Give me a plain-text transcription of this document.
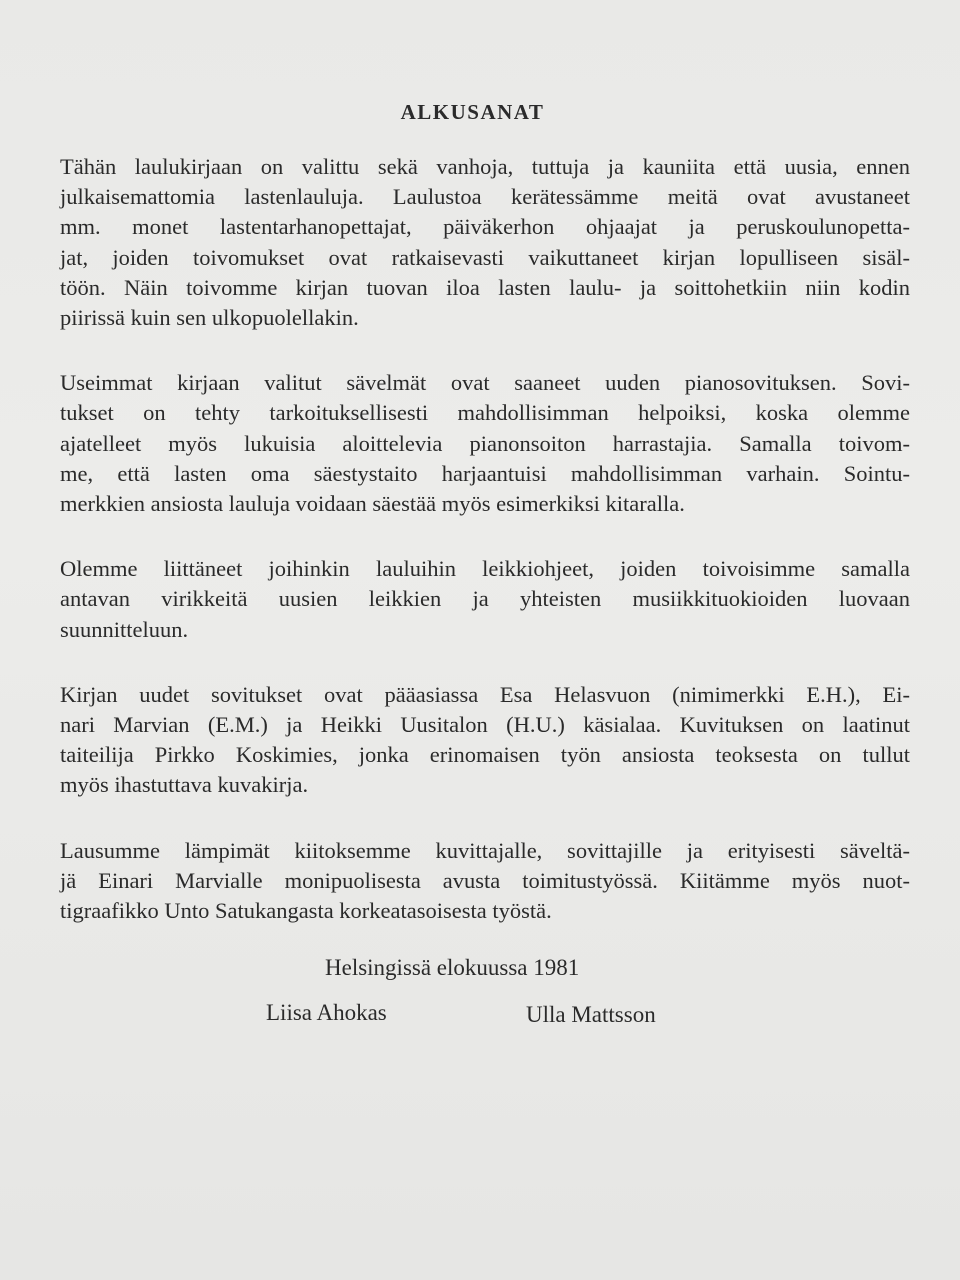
ALKUSANAT
Tähän laulukirjaan on valittu sekä vanhoja, tuttuja ja kauniita että uusia, ennen
julkaisemattomia lastenlauluja. Laulustoa kerätessämme meitä ovat avustaneet
mm. monet lastentarhanopettajat, päiväkerhon ohjaajat ja peruskoulunopetta-
jat, joiden toivomukset ovat ratkaisevasti vaikuttaneet kirjan lopulliseen sisäl-
töön. Näin toivomme kirjan tuovan iloa lasten laulu- ja soittohetkiin niin kodin
piirissä kuin sen ulkopuolellakin.
Useimmat kirjaan valitut sävelmät ovat saaneet uuden pianosovituksen. Sovi-
tukset on tehty tarkoituksellisesti mahdollisimman helpoiksi, koska olemme
ajatelleet myös lukuisia aloittelevia pianonsoiton harrastajia. Samalla toivom-
me, että lasten oma säestystaito harjaantuisi mahdollisimman varhain. Sointu-
merkkien ansiosta lauluja voidaan säestää myös esimerkiksi kitaralla.
Olemme liittäneet joihinkin lauluihin leikkiohjeet, joiden toivoisimme samalla
antavan virikkeitä uusien leikkien ja yhteisten musiikkituokioiden luovaan
suunnitteluun.
Kirjan uudet sovitukset ovat pääasiassa Esa Helasvuon (nimimerkki E.H.), Ei-
nari Marvian (E.M.) ja Heikki Uusitalon (H.U.) käsialaa. Kuvituksen on laatinut
taiteilija Pirkko Koskimies, jonka erinomaisen työn ansiosta teoksesta on tullut
myös ihastuttava kuvakirja.
Lausumme lämpimät kiitoksemme kuvittajalle, sovittajille ja erityisesti säveltä-
jä Einari Marvialle monipuolisesta avusta toimitustyössä. Kiitämme myös nuot-
tigraafikko Unto Satukangasta korkeatasoisesta työstä.
Helsingissä elokuussa 1981
Liisa Ahokas	Ulla Mattsson
